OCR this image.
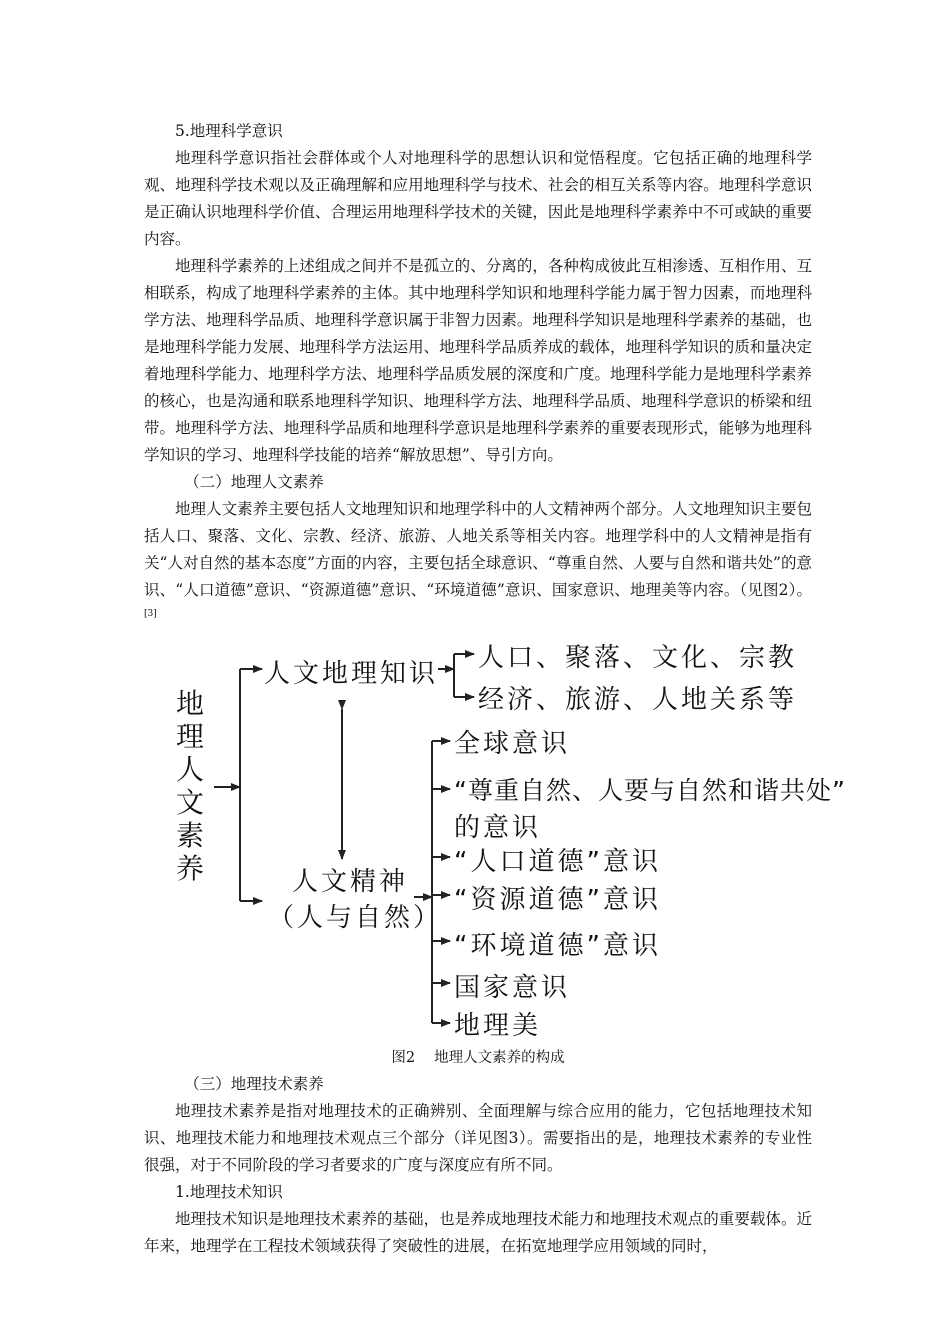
5.地理科学意识

地理科学意识指社会群体或个人对地理科学的思想认识和觉悟程度。它包括正确的地理科学观、地理科学技术观以及正确理解和应用地理科学与技术、社会的相互关系等内容。地理科学意识是正确认识地理科学价值、合理运用地理科学技术的关键，因此是地理科学素养中不可或缺的重要内容。

地理科学素养的上述组成之间并不是孤立的、分离的，各种构成彼此互相渗透、互相作用、互相联系，构成了地理科学素养的主体。其中地理科学知识和地理科学能力属于智力因素，而地理科学方法、地理科学品质、地理科学意识属于非智力因素。地理科学知识是地理科学素养的基础，也是地理科学能力发展、地理科学方法运用、地理科学品质养成的载体，地理科学知识的质和量决定着地理科学能力、地理科学方法、地理科学品质发展的深度和广度。地理科学能力是地理科学素养的核心，也是沟通和联系地理科学知识、地理科学方法、地理科学品质、地理科学意识的桥梁和纽带。地理科学方法、地理科学品质和地理科学意识是地理科学素养的重要表现形式，能够为地理科学知识的学习、地理科学技能的培养“解放思想”、导引方向。

（二）地理人文素养

地理人文素养主要包括人文地理知识和地理学科中的人文精神两个部分。人文地理知识主要包括人口、聚落、文化、宗教、经济、旅游、人地关系等相关内容。地理学科中的人文精神是指有关“人对自然的基本态度”方面的内容，主要包括全球意识、“尊重自然、人要与自然和谐共处”的意识、“人口道德”意识、“资源道德”意识、“环境道德”意识、国家意识、地理美等内容。（见图2）。[3]

地
理
人
文
素
养
人文地理知识
人口、聚落、文化、宗教
经济、旅游、人地关系等
人文精神
（人与自然）
全球意识
“尊重自然、人要与自然和谐共处”
的意识
“人口道德”意识
“资源道德”意识
“环境道德”意识
国家意识
地理美

图2　 地理人文素养的构成

（三）地理技术素养

地理技术素养是指对地理技术的正确辨别、全面理解与综合应用的能力，它包括地理技术知识、地理技术能力和地理技术观点三个部分（详见图3）。需要指出的是，地理技术素养的专业性很强，对于不同阶段的学习者要求的广度与深度应有所不同。

1.地理技术知识

地理技术知识是地理技术素养的基础，也是养成地理技术能力和地理技术观点的重要载体。近年来，地理学在工程技术领域获得了突破性的进展，在拓宽地理学应用领域的同时，
